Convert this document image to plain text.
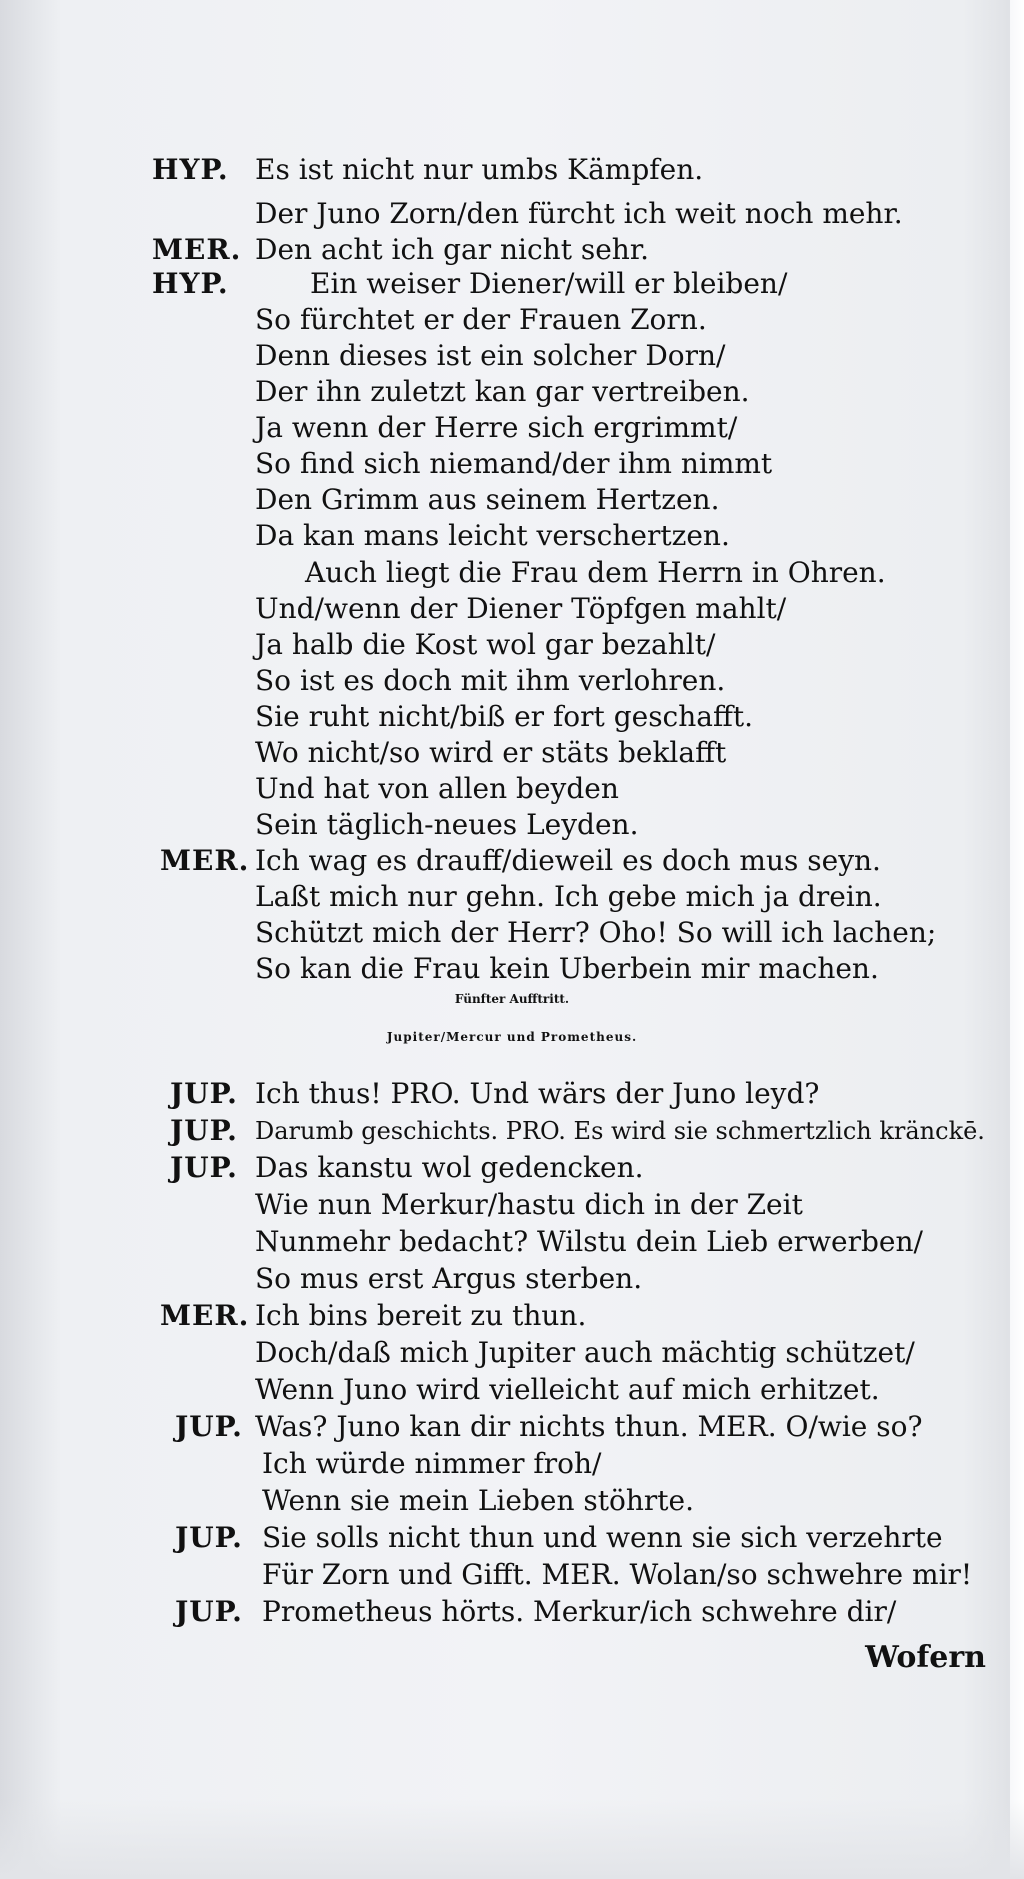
HYP. Es ist nicht nur umbs Kämpfen.
Der Juno Zorn/den fürcht ich weit noch mehr.
MER. Den acht ich gar nicht sehr.
HYP.	Ein weiser Diener/will er bleiben/
So fürchtet er der Frauen Zorn.
Denn dieses ist ein solcher Dorn/
Der ihn zuletzt kan gar vertreiben.
Ja wenn der Herre sich ergrimmt/
So find sich niemand/der ihm nimmt
Den Grimm aus seinem Hertzen.
Da kan mans leicht verschertzen.
Auch liegt die Frau dem Herrn in Ohren.
Und/wenn der Diener Töpfgen mahlt/
Ja halb die Kost wol gar bezahlt/
So ist es doch mit ihm verlohren.
Sie ruht nicht/biß er fort geschafft.
Wo nicht/so wird er stäts beklafft
Und hat von allen beyden
Sein täglich-neues Leyden.
MER. Ich wag es drauff/dieweil es doch mus seyn.
Laßt mich nur gehn. Ich gebe mich ja drein.
Schützt mich der Herr? Oho! So will ich lachen;
So kan die Frau kein Uberbein mir machen.
Fünfter Aufftritt.
Jupiter/Mercur und Prometheus.
JUP. Ich thus! PRO. Und wärs der Juno leyd?
JUP. Darumb geschichts. PRO. Es wird sie schmertzlich kränckē.
JUP. Das kanstu wol gedencken.
Wie nun Merkur/hastu dich in der Zeit
Nunmehr bedacht? Wilstu dein Lieb erwerben/
So mus erst Argus sterben.
MER. Ich bins bereit zu thun.
Doch/daß mich Jupiter auch mächtig schützet/
Wenn Juno wird vielleicht auf mich erhitzet.
JUP. Was? Juno kan dir nichts thun. MER. O/wie so?
Ich würde nimmer froh/
Wenn sie mein Lieben stöhrte.
JUP. Sie solls nicht thun und wenn sie sich verzehrte
Für Zorn und Gifft. MER. Wolan/so schwehre mir!
JUP. Prometheus hörts. Merkur/ich schwehre dir/
Wofern
